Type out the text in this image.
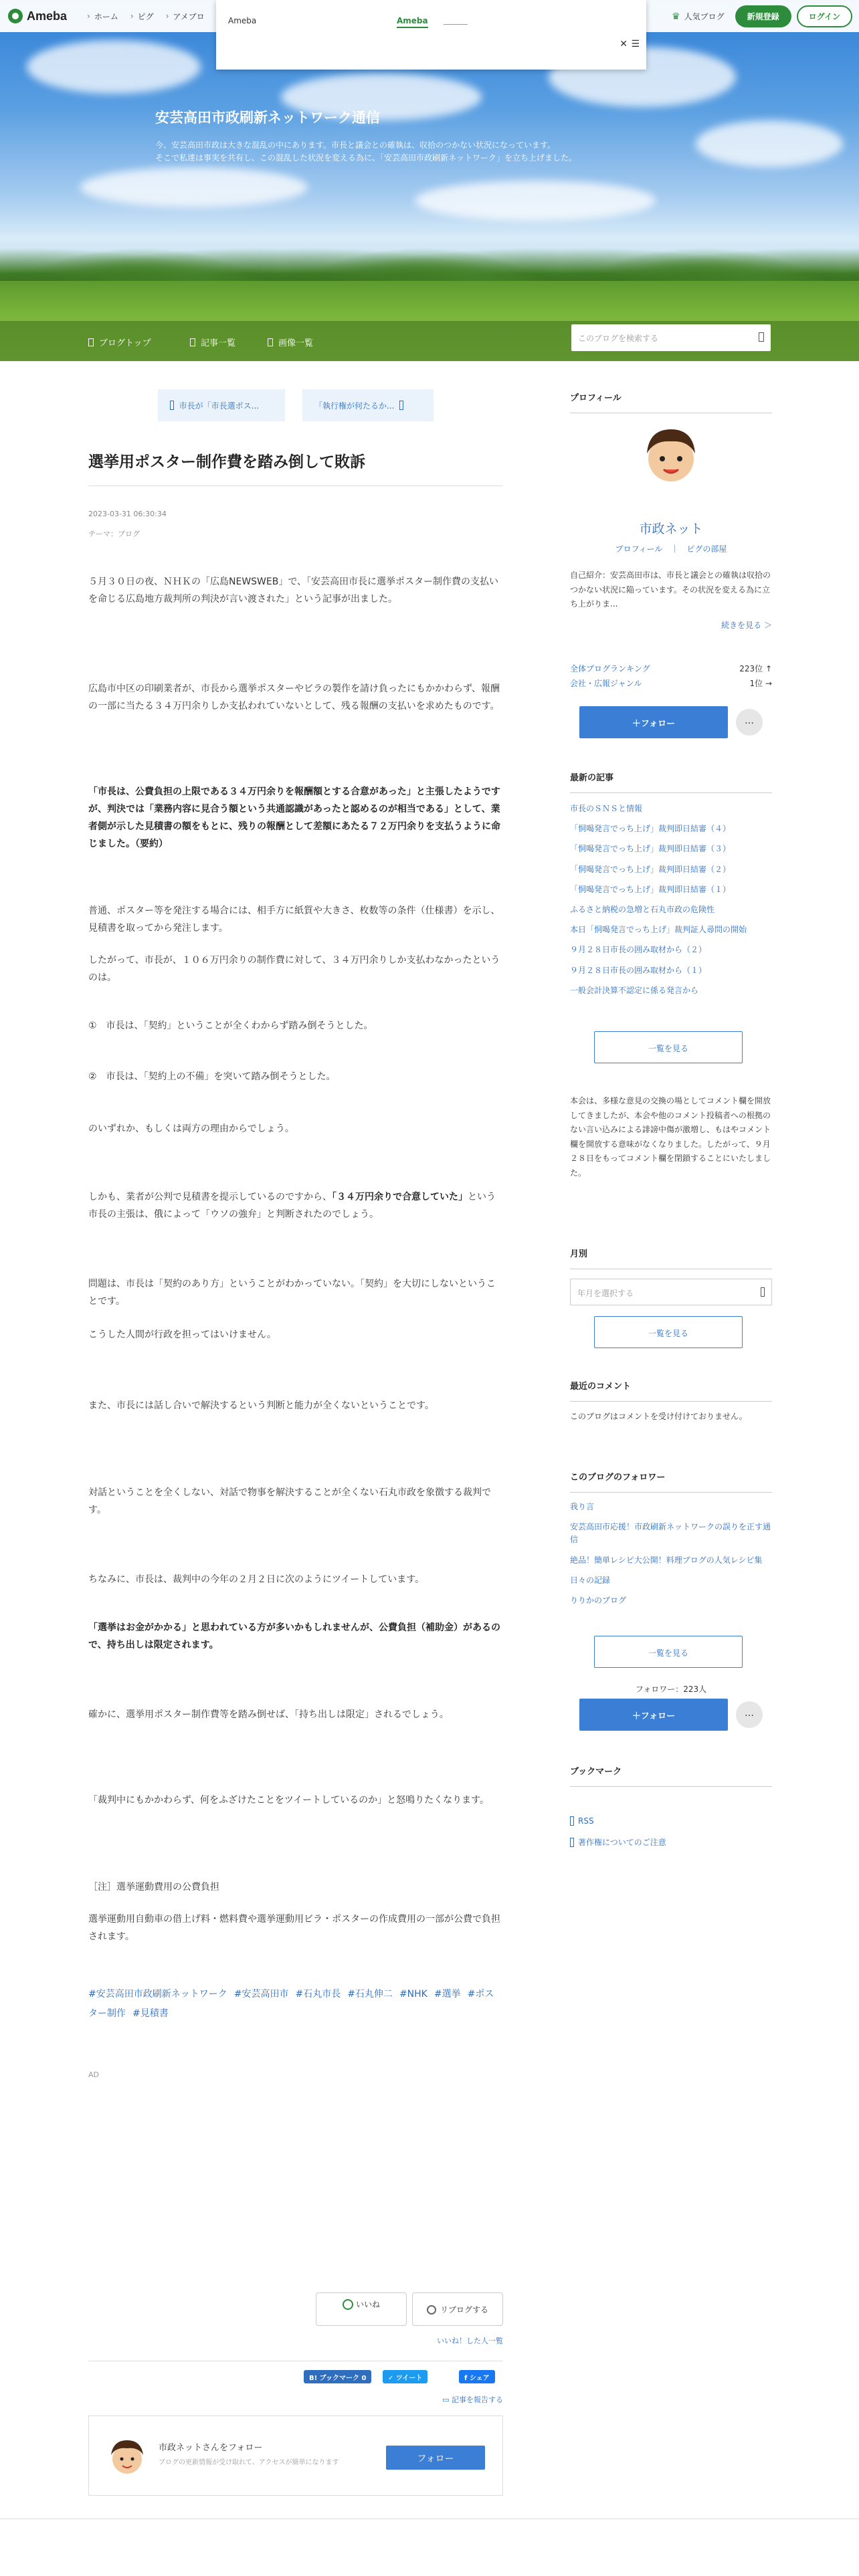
安芸高田市政刷新ネットワーク通信
今、安芸高田市政は大きな混乱の中にあります。市長と議会との確執は、収拾のつかない状況になっています。
そこで私達は事実を共有し、この混乱した状況を変える為に、「安芸高田市政刷新ネットワーク」を立ち上げました。
ブログトップ	記事一覧	画像一覧	このブログを検索する
Ameba	› ホーム	› ピグ	› アメブロ	Ameba	Ameba
✕ ☰
♛ 人気ブログ	新規登録	ログイン
市長が「市長選ポス...	「執行権が何たるか...
選挙用ポスター制作費を踏み倒して敗訴
2023-03-31 06:30:34
テーマ：ブログ

５月３０日の夜、ＮＨＫの「広島NEWSWEB」で、「安芸高田市長に選挙ポスター制作費の支払いを命じる広島地方裁判所の判決が言い渡された」という記事が出ました。

広島市中区の印刷業者が、市長から選挙ポスターやビラの製作を請け負ったにもかかわらず、報酬の一部に当たる３４万円余りしか支払われていないとして、残る報酬の支払いを求めたものです。

「市長は、公費負担の上限である３４万円余りを報酬額とする合意があった」と主張したようですが、判決では「業務内容に見合う額という共通認識があったと認めるのが相当である」として、業者側が示した見積書の額をもとに、残りの報酬として差額にあたる７２万円余りを支払うように命じました。（要約）

普通、ポスター等を発注する場合には、相手方に紙質や大きさ、枚数等の条件（仕様書）を示し、見積書を取ってから発注します。

したがって、市長が、１０６万円余りの制作費に対して、３４万円余りしか支払わなかったというのは。

①　市長は、「契約」ということが全くわからず踏み倒そうとした。

②　市長は、「契約上の不備」を突いて踏み倒そうとした。

のいずれか、もしくは両方の理由からでしょう。

しかも、業者が公判で見積書を提示しているのですから、「３４万円余りで合意していた」という市長の主張は、俄によって「ウソの強弁」と判断されたのでしょう。

問題は、市長は「契約のあり方」ということがわかっていない。「契約」を大切にしないということです。

こうした人間が行政を担ってはいけません。

また、市長には話し合いで解決するという判断と能力が全くないということです。

対話ということを全くしない、対話で物事を解決することが全くない石丸市政を象徴する裁判です。

ちなみに、市長は、裁判中の今年の２月２日に次のようにツイートしています。

「選挙はお金がかかる」と思われている方が多いかもしれませんが、公費負担（補助金）があるので、持ち出しは限定されます。

確かに、選挙用ポスター制作費等を踏み倒せば、「持ち出しは限定」されるでしょう。

「裁判中にもかかわらず、何をふざけたことをツイートしているのか」と怒鳴りたくなります。

［注］選挙運動費用の公費負担

選挙運動用自動車の借上げ料・燃料費や選挙運動用ビラ・ポスターの作成費用の一部が公費で負担されます。

#安芸高田市政刷新ネットワーク #安芸高田市 #石丸市長 #石丸伸二 #NHK #選挙 #ポスター制作 #見積書
AD
いいね
リブログする
いいね！した人一覧
B! ブックマーク 0	✓ ツイート	f シェア
▭ 記事を報告する
市政ネットさんをフォロー
ブログの更新情報が受け取れて、アクセスが簡単になります	フォロー
プロフィール
市政ネット
プロフィール　｜　ピグの部屋
自己紹介：安芸高田市は、市長と議会との確執は収拾のつかない状況に陥っています。その状況を変える為に立ち上がりま...
続きを見る ＞
全体ブログランキング	223位 ↑
会社・広報ジャンル	1位 →
＋フォロー	…
最新の記事
市長のＳＮＳと情報
「恫喝発言でっち上げ」裁判即日結審（４）
「恫喝発言でっち上げ」裁判即日結審（３）
「恫喝発言でっち上げ」裁判即日結審（２）
「恫喝発言でっち上げ」裁判即日結審（１）
ふるさと納税の急増と石丸市政の危険性
本日「恫喝発言でっち上げ」裁判証人尋問の開始
９月２８日市長の囲み取材から（２）
９月２８日市長の囲み取材から（１）
一般会計決算不認定に係る発言から
一覧を見る
本会は、多様な意見の交換の場としてコメント欄を開放してきましたが、本会や他のコメント投稿者への根拠のない言い込みによる誹謗中傷が激増し、もはやコメント欄を開放する意味がなくなりました。したがって、９月２８日をもってコメント欄を閉鎖することにいたしました。
月別
年月を選択する
一覧を見る
最近のコメント
このブログはコメントを受け付けておりません。
このブログのフォロワー
我り言
安芸高田市応援！市政刷新ネットワークの誤りを正す通信
絶品！簡単レシピ大公開！料理ブログの人気レシピ集
日々の記録
りりかのブログ
一覧を見る
フォロワー：223人
＋フォロー	…
ブックマーク
RSS
著作権についてのご注意
